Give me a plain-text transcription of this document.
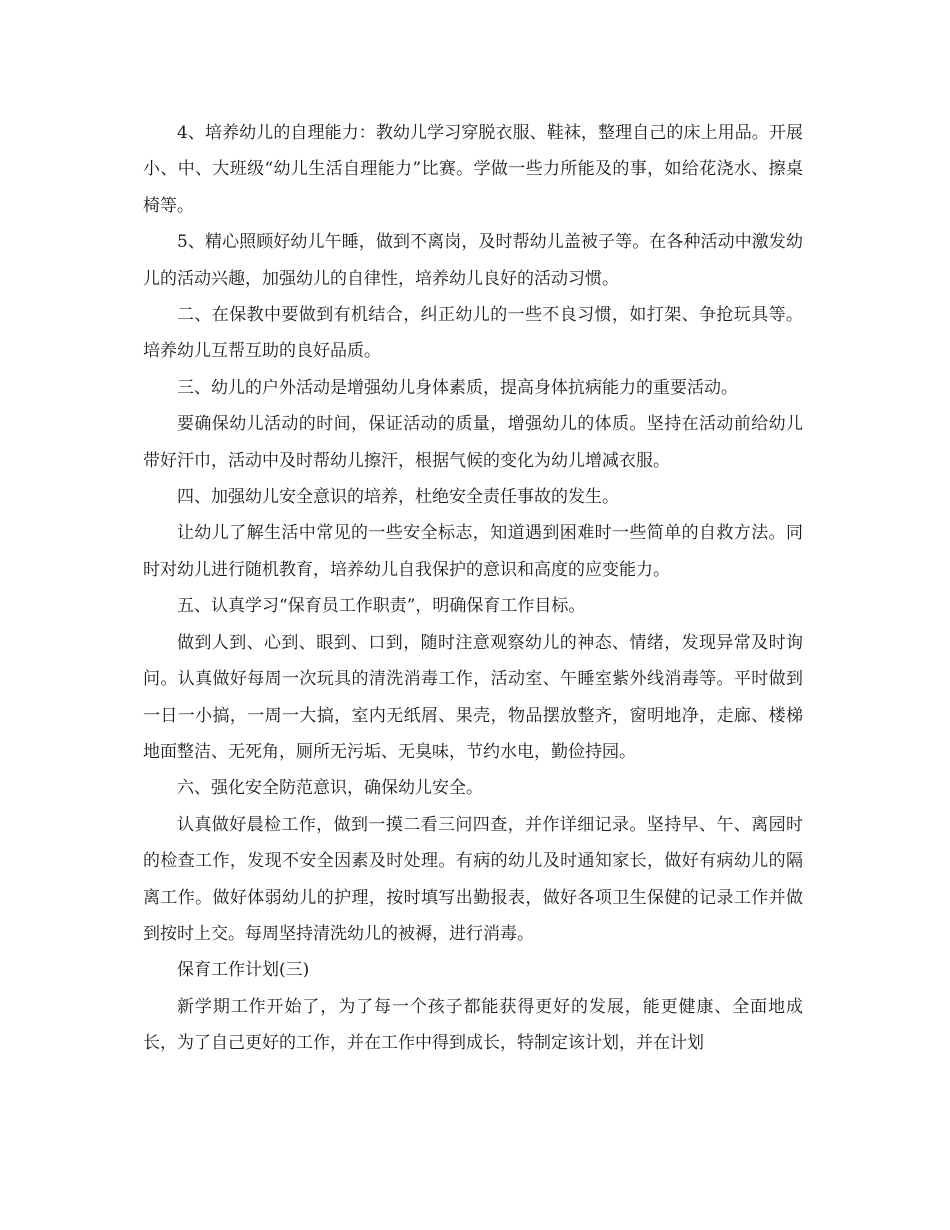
4、培养幼儿的自理能力：教幼儿学习穿脱衣服、鞋袜，整理自己的床上用品。开展小、中、大班级“幼儿生活自理能力”比赛。学做一些力所能及的事，如给花浇水、擦桌椅等。

5、精心照顾好幼儿午睡，做到不离岗，及时帮幼儿盖被子等。在各种活动中激发幼儿的活动兴趣，加强幼儿的自律性，培养幼儿良好的活动习惯。

二、在保教中要做到有机结合，纠正幼儿的一些不良习惯，如打架、争抢玩具等。培养幼儿互帮互助的良好品质。

三、幼儿的户外活动是增强幼儿身体素质，提高身体抗病能力的重要活动。

要确保幼儿活动的时间，保证活动的质量，增强幼儿的体质。坚持在活动前给幼儿带好汗巾，活动中及时帮幼儿擦汗，根据气候的变化为幼儿增减衣服。

四、加强幼儿安全意识的培养，杜绝安全责任事故的发生。

让幼儿了解生活中常见的一些安全标志，知道遇到困难时一些简单的自救方法。同时对幼儿进行随机教育，培养幼儿自我保护的意识和高度的应变能力。

五、认真学习“保育员工作职责”，明确保育工作目标。

做到人到、心到、眼到、口到，随时注意观察幼儿的神态、情绪，发现异常及时询问。认真做好每周一次玩具的清洗消毒工作，活动室、午睡室紫外线消毒等。平时做到一日一小搞，一周一大搞，室内无纸屑、果壳，物品摆放整齐，窗明地净，走廊、楼梯地面整洁、无死角，厕所无污垢、无臭味，节约水电，勤俭持园。

六、强化安全防范意识，确保幼儿安全。

认真做好晨检工作，做到一摸二看三问四查，并作详细记录。坚持早、午、离园时的检查工作，发现不安全因素及时处理。有病的幼儿及时通知家长，做好有病幼儿的隔离工作。做好体弱幼儿的护理，按时填写出勤报表，做好各项卫生保健的记录工作并做到按时上交。每周坚持清洗幼儿的被褥，进行消毒。

保育工作计划(三)

新学期工作开始了，为了每一个孩子都能获得更好的发展，能更健康、全面地成长，为了自己更好的工作，并在工作中得到成长，特制定该计划，并在计划
